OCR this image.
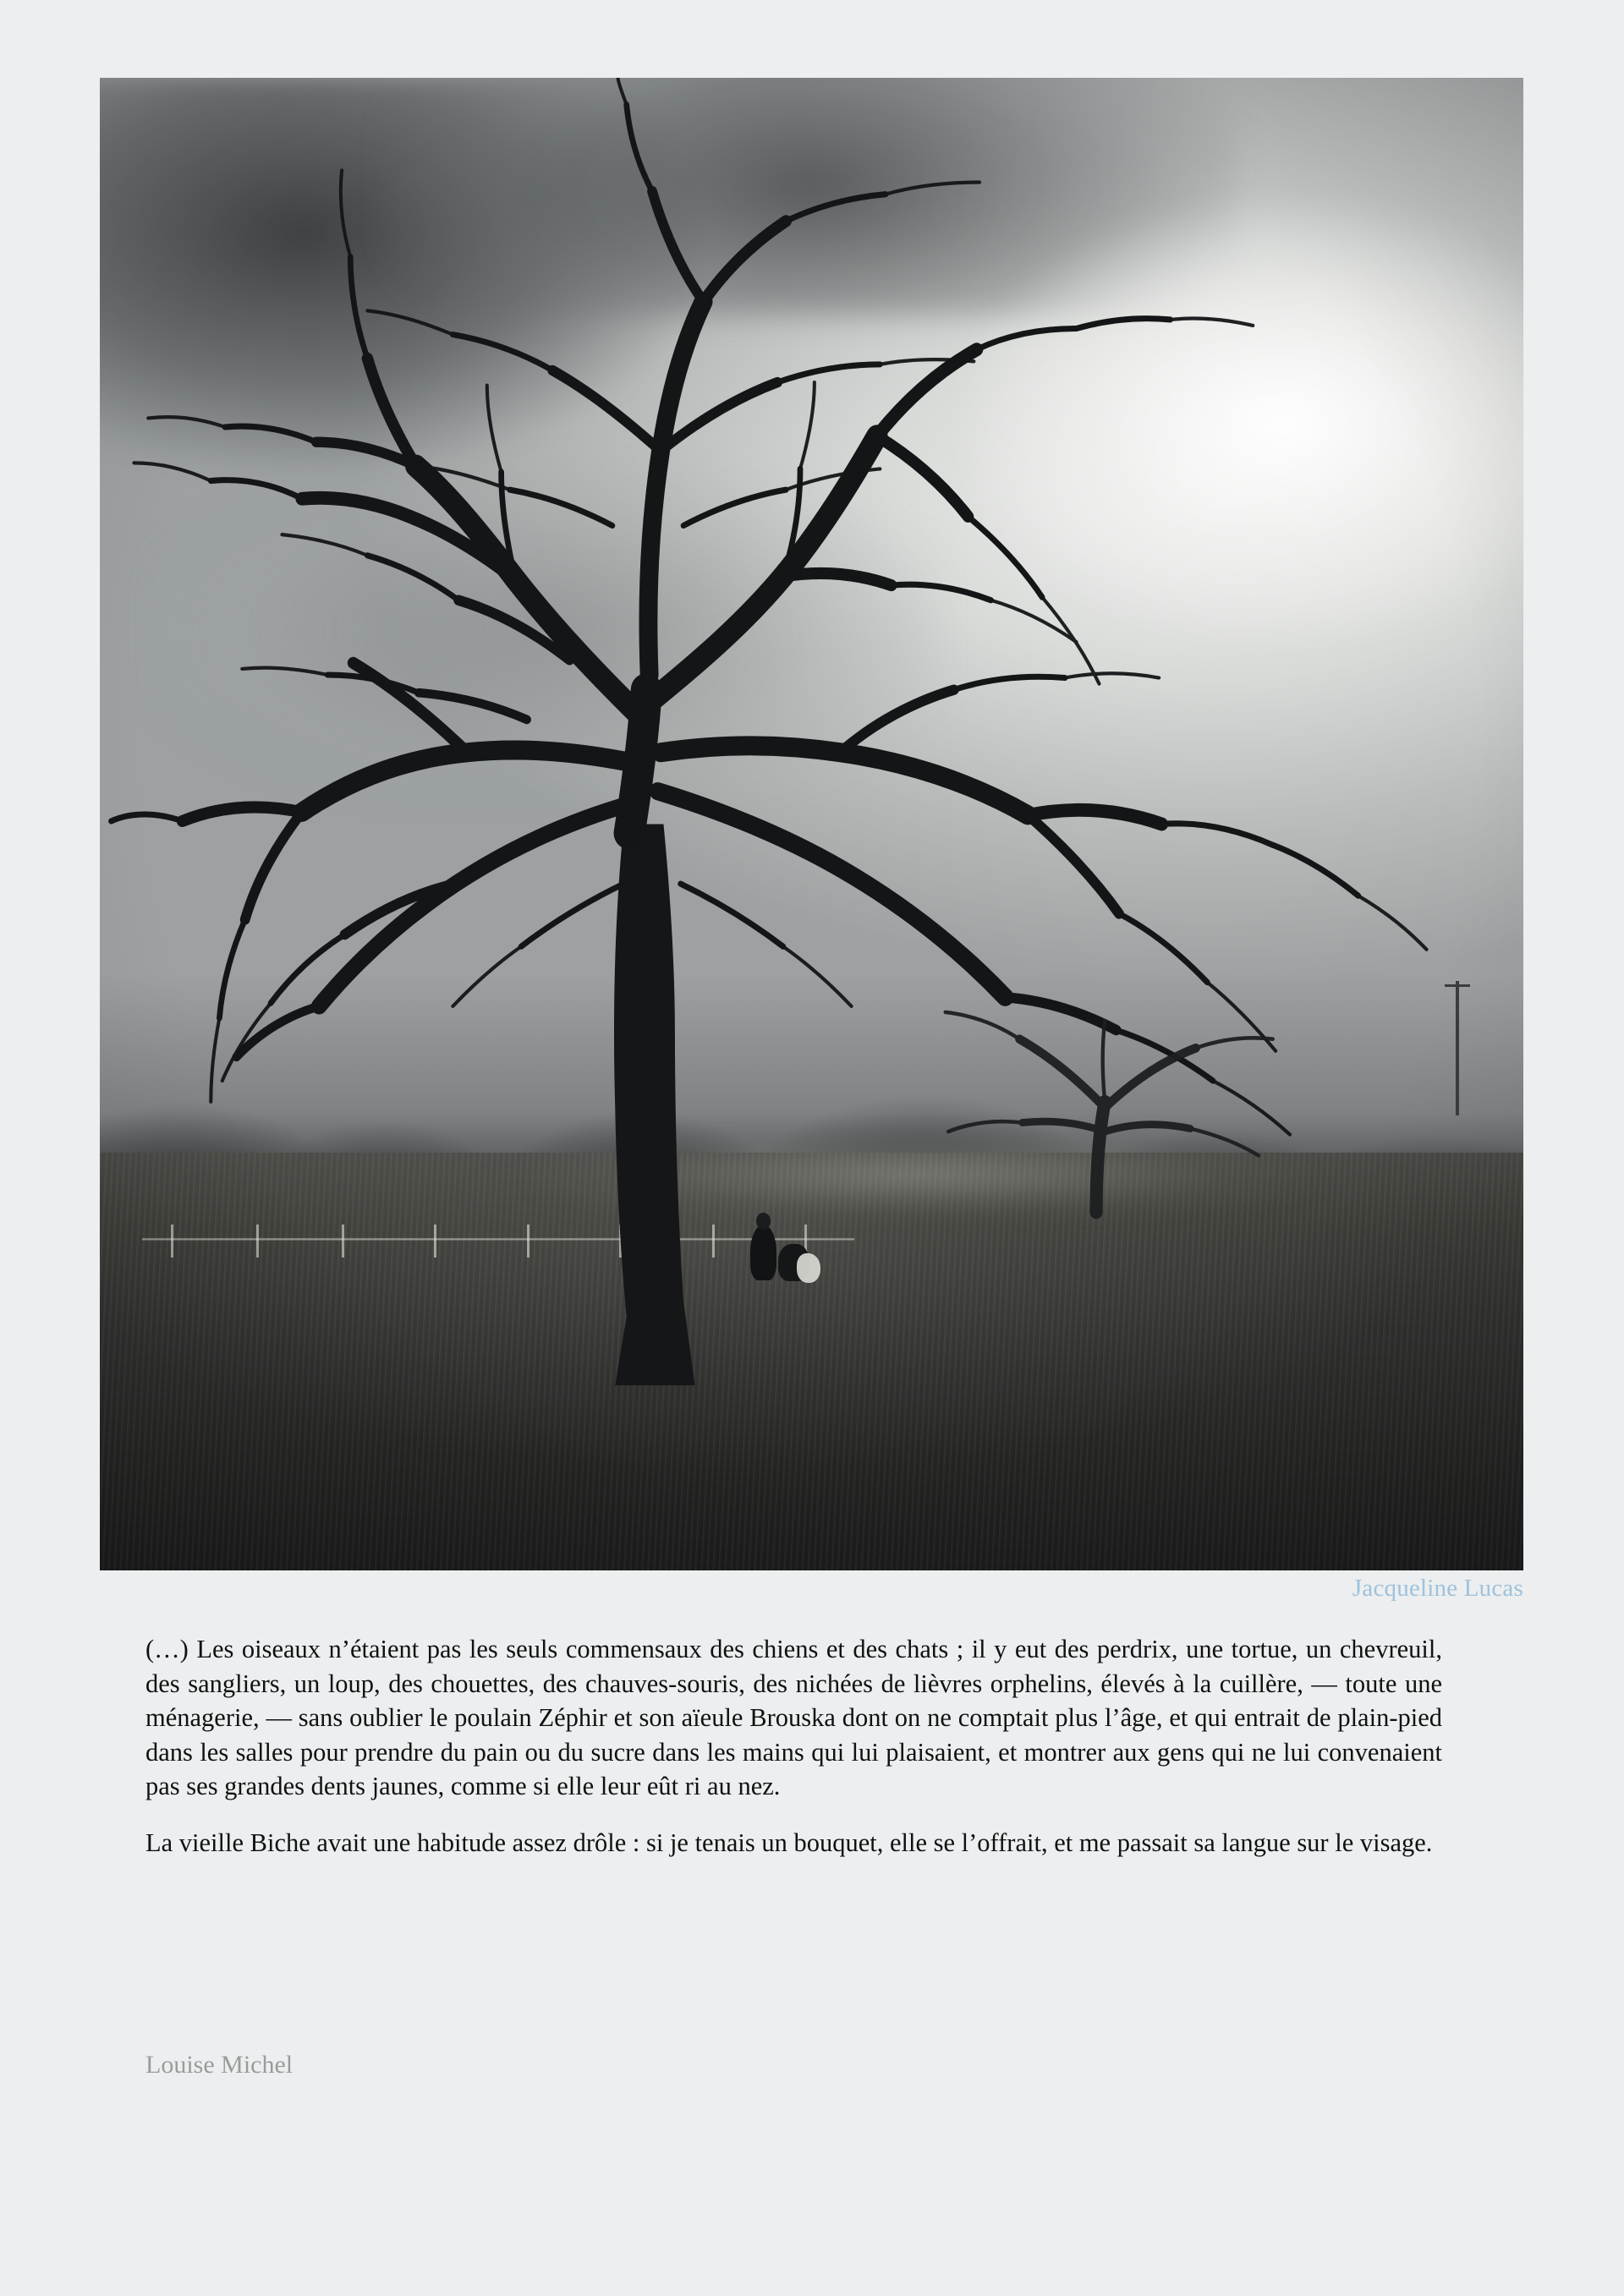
Jacqueline Lucas

(…) Les oiseaux n’étaient pas les seuls commensaux des chiens et des chats ; il y eut des perdrix, une tortue, un chevreuil, des sangliers, un loup, des chouettes, des chauves-souris, des nichées de lièvres orphelins, élevés à la cuillère, — toute une ménagerie, — sans oublier le poulain Zéphir et son aïeule Brouska dont on ne comptait plus l’âge, et qui entrait de plain-pied dans les salles pour prendre du pain ou du sucre dans les mains qui lui plaisaient, et montrer aux gens qui ne lui convenaient pas ses grandes dents jaunes, comme si elle leur eût ri au nez.

La vieille Biche avait une habitude assez drôle : si je tenais un bouquet, elle se l’offrait, et me passait sa langue sur le visage.

Louise Michel
